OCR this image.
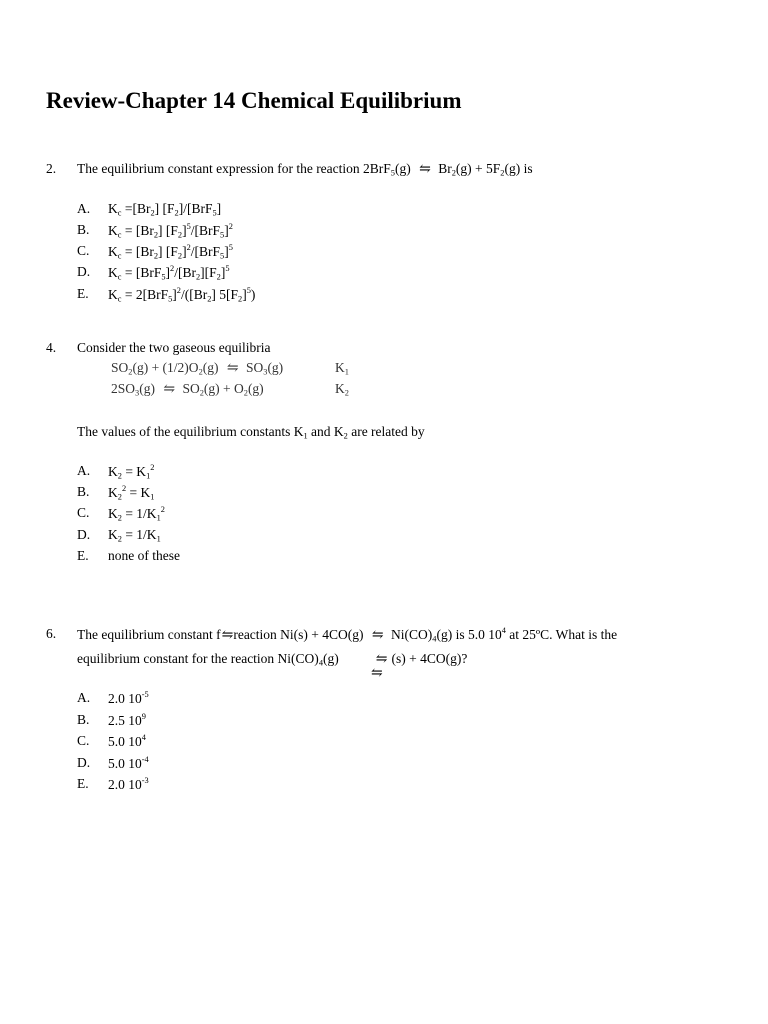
Review-Chapter 14 Chemical Equilibrium
2. The equilibrium constant expression for the reaction 2BrF$_5$(g) ⇋ $Br_2(g) + 5F_2(g)$ is
A. $K_c =[Br_2]$ $[F_2]/[BrF_5]$
B. $K_c = [Br_2]$ $[F_2]^5/[BrF_5]^2$
C. $K_c = [Br_2]$ $[F_2]^2/[BrF_5]^5$
D. $K_c = [BrF_5]^2/[Br_2][F_2]^5$
E. $K_c = 2[BrF_5]^2/([Br_2]$ $5[F_2]^5$)
4. Consider the two gaseous equilibria
$SO_2(g) + (1/2)O_2(g)$ ⇋ $SO_3(g)$	$K_1$
$2SO_3(g)$ ⇋ $SO_2(g) + O_2(g)$	$K_2$
The values of the equilibrium constants $K_1$ and $K_2$ are related by
A. $K_2 = K_1^2$
B. $K_2^2 = K_1$
C. $K_2 = 1/K_1^2$
D. $K_2 = 1/K_1$
E. none of these
6. The equilibrium constant f⇋reaction Ni(s) + 4CO(g) ⇋ $Ni(CO)_4(g)$ is 5.0 $10^4$ at 25ºC. What is the
equilibrium constant for the reaction $Ni(CO)_4(g)$	⇋ (s) + 4CO(g)?
⇋
A. 2.0 $10^{-5}$
B. 2.5 $10^9$
C. 5.0 $10^4$
D. 5.0 $10^{-4}$
E. 2.0 $10^{-3}$
